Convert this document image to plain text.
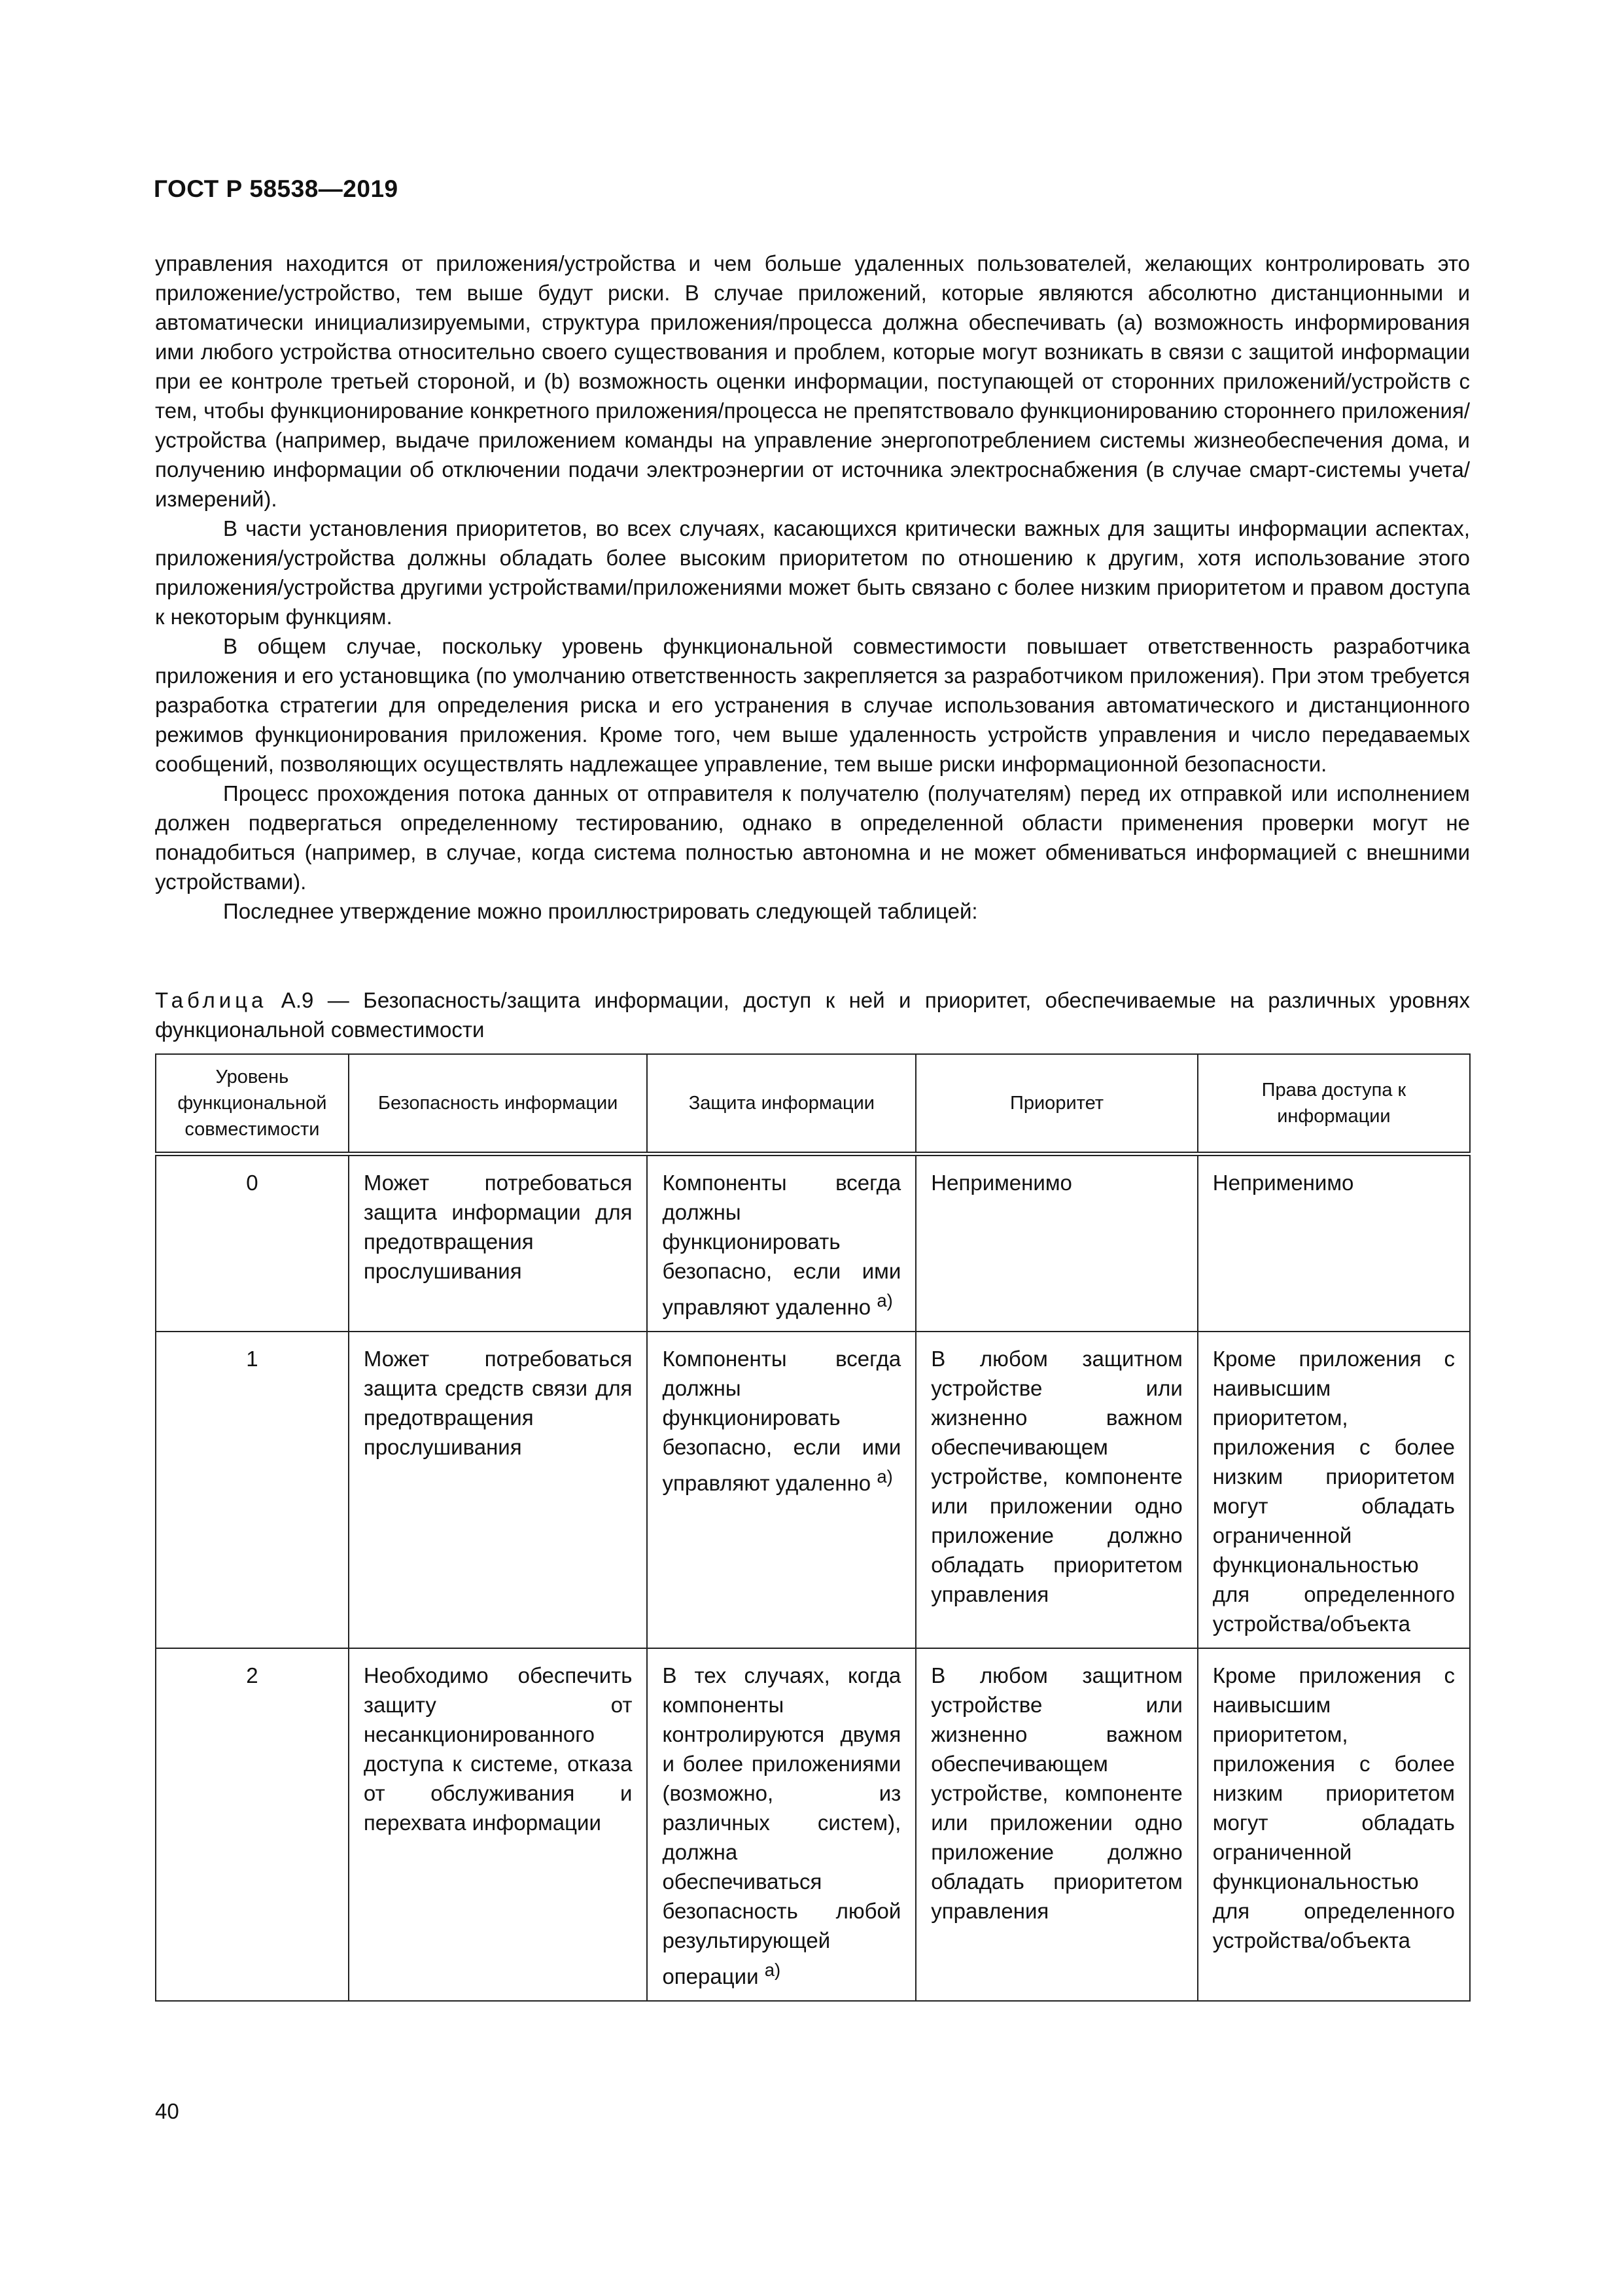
ГОСТ Р 58538—2019

управления находится от приложения/устройства и чем больше удаленных пользователей, желающих контролировать это приложение/устройство, тем выше будут риски. В случае приложений, которые являются абсолютно дистанционными и автоматически инициализируемыми, структура приложения/процесса должна обеспечивать (a) возможность информирования ими любого устройства относительно своего существования и проблем, которые могут возникать в связи с защитой информации при ее контроле третьей стороной, и (b) возможность оценки информации, поступающей от сторонних приложений/устройств с тем, чтобы функционирование конкретного приложения/процесса не препятствовало функционированию стороннего приложения/ устройства (например, выдаче приложением команды на управление энергопотреблением системы жизнеобеспечения дома, и получению информации об отключении подачи электроэнергии от источника электроснабжения (в случае смарт-системы учета/измерений).

В части установления приоритетов, во всех случаях, касающихся критически важных для защиты информации аспектах, приложения/устройства должны обладать более высоким приоритетом по отношению к другим, хотя использование этого приложения/устройства другими устройствами/приложениями может быть связано с более низким приоритетом и правом доступа к некоторым функциям.

В общем случае, поскольку уровень функциональной совместимости повышает ответственность разработчика приложения и его установщика (по умолчанию ответственность закрепляется за разработчиком приложения). При этом требуется разработка стратегии для определения риска и его устранения в случае использования автоматического и дистанционного режимов функционирования приложения. Кроме того, чем выше удаленность устройств управления и число передаваемых сообщений, позволяющих осуществлять надлежащее управление, тем выше риски информационной безопасности.

Процесс прохождения потока данных от отправителя к получателю (получателям) перед их отправкой или исполнением должен подвергаться определенному тестированию, однако в определенной области применения проверки могут не понадобиться (например, в случае, когда система полностью автономна и не может обмениваться информацией с внешними устройствами).

Последнее утверждение можно проиллюстрировать следующей таблицей:

Таблица А.9 — Безопасность/защита информации, доступ к ней и приоритет, обеспечиваемые на различных уровнях функциональной совместимости
Уровень функциональной совместимости	Безопасность информации	Защита информации	Приоритет	Права доступа к информации
0	Может потребоваться защита информации для предотвращения прослушивания	Компоненты всегда должны функционировать безопасно, если ими управляют удаленно $^{а)}$	Неприменимо	Неприменимо
1	Может потребоваться защита средств связи для предотвращения прослушивания	Компоненты всегда должны функционировать безопасно, если ими управляют удаленно $^{а)}$	В любом защитном устройстве или жизненно важном обеспечивающем устройстве, компоненте или приложении одно приложение должно обладать приоритетом управления	Кроме приложения с наивысшим приоритетом, приложения с более низким приоритетом могут обладать ограниченной функциональностью для определенного устройства/объекта
2	Необходимо обеспечить защиту от несанкционированного доступа к системе, отказа от обслуживания и перехвата информации	В тех случаях, когда компоненты контролируются двумя и более приложениями (возможно, из различных систем), должна обеспечиваться безопасность любой результирующей операции $^{а)}$	В любом защитном устройстве или жизненно важном обеспечивающем устройстве, компоненте или приложении одно приложение должно обладать приоритетом управления	Кроме приложения с наивысшим приоритетом, приложения с более низким приоритетом могут обладать ограниченной функциональностью для определенного устройства/объекта
40
